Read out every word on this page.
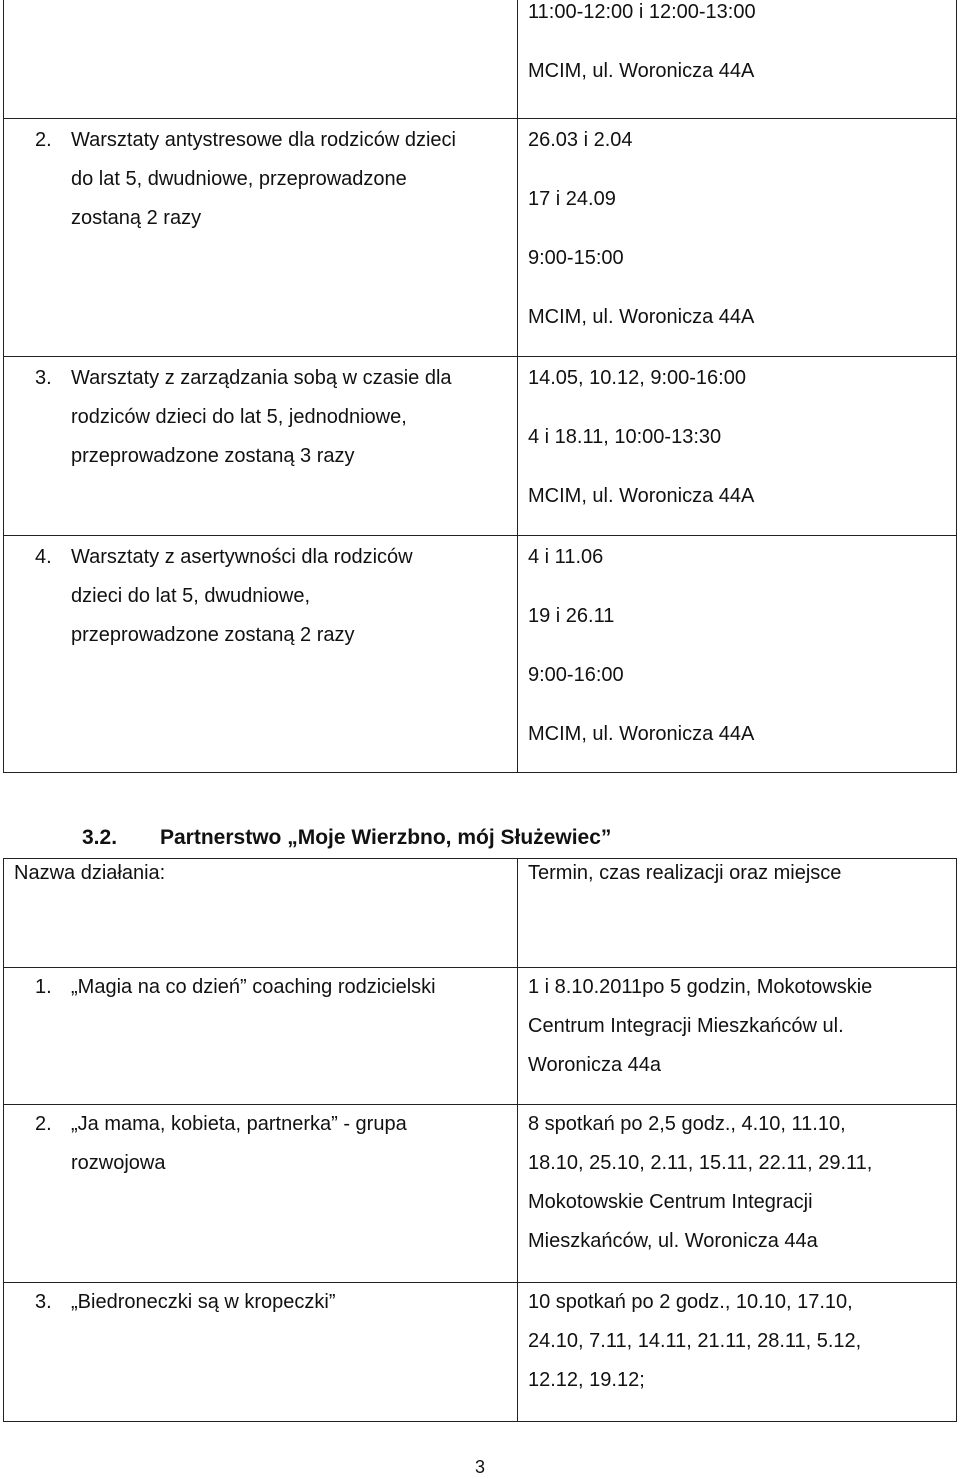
	11:00-12:00 i 12:00-13:00
MCIM, ul. Woronicza 44A

2. Warsztaty antystresowe dla rodziców dzieci
do lat 5, dwudniowe, przeprowadzone
zostaną 2 razy	26.03 i 2.04
17 i 24.09
9:00-15:00
MCIM, ul. Woronicza 44A

3. Warsztaty z zarządzania sobą w czasie dla
rodziców dzieci do lat 5, jednodniowe,
przeprowadzone zostaną 3 razy	14.05, 10.12, 9:00-16:00
4 i 18.11, 10:00-13:30
MCIM, ul. Woronicza 44A

4. Warsztaty z asertywności dla rodziców
dzieci do lat 5, dwudniowe,
przeprowadzone zostaną 2 razy	4 i 11.06
19 i 26.11
9:00-16:00
MCIM, ul. Woronicza 44A
3.2. Partnerstwo „Moje Wierzbno, mój Służewiec”
Nazwa działania:	Termin, czas realizacji oraz miejsce

1. „Magia na co dzień” coaching rodzicielski	1 i 8.10.2011po 5 godzin, Mokotowskie
Centrum Integracji Mieszkańców ul.
Woronicza 44a

2. „Ja mama, kobieta, partnerka” - grupa
rozwojowa	8 spotkań po 2,5 godz., 4.10, 11.10,
18.10, 25.10, 2.11, 15.11, 22.11, 29.11,
Mokotowskie Centrum Integracji
Mieszkańców, ul. Woronicza 44a

3. „Biedroneczki są w kropeczki”	10 spotkań po 2 godz., 10.10, 17.10,
24.10, 7.11, 14.11, 21.11, 28.11, 5.12,
12.12, 19.12;
3
